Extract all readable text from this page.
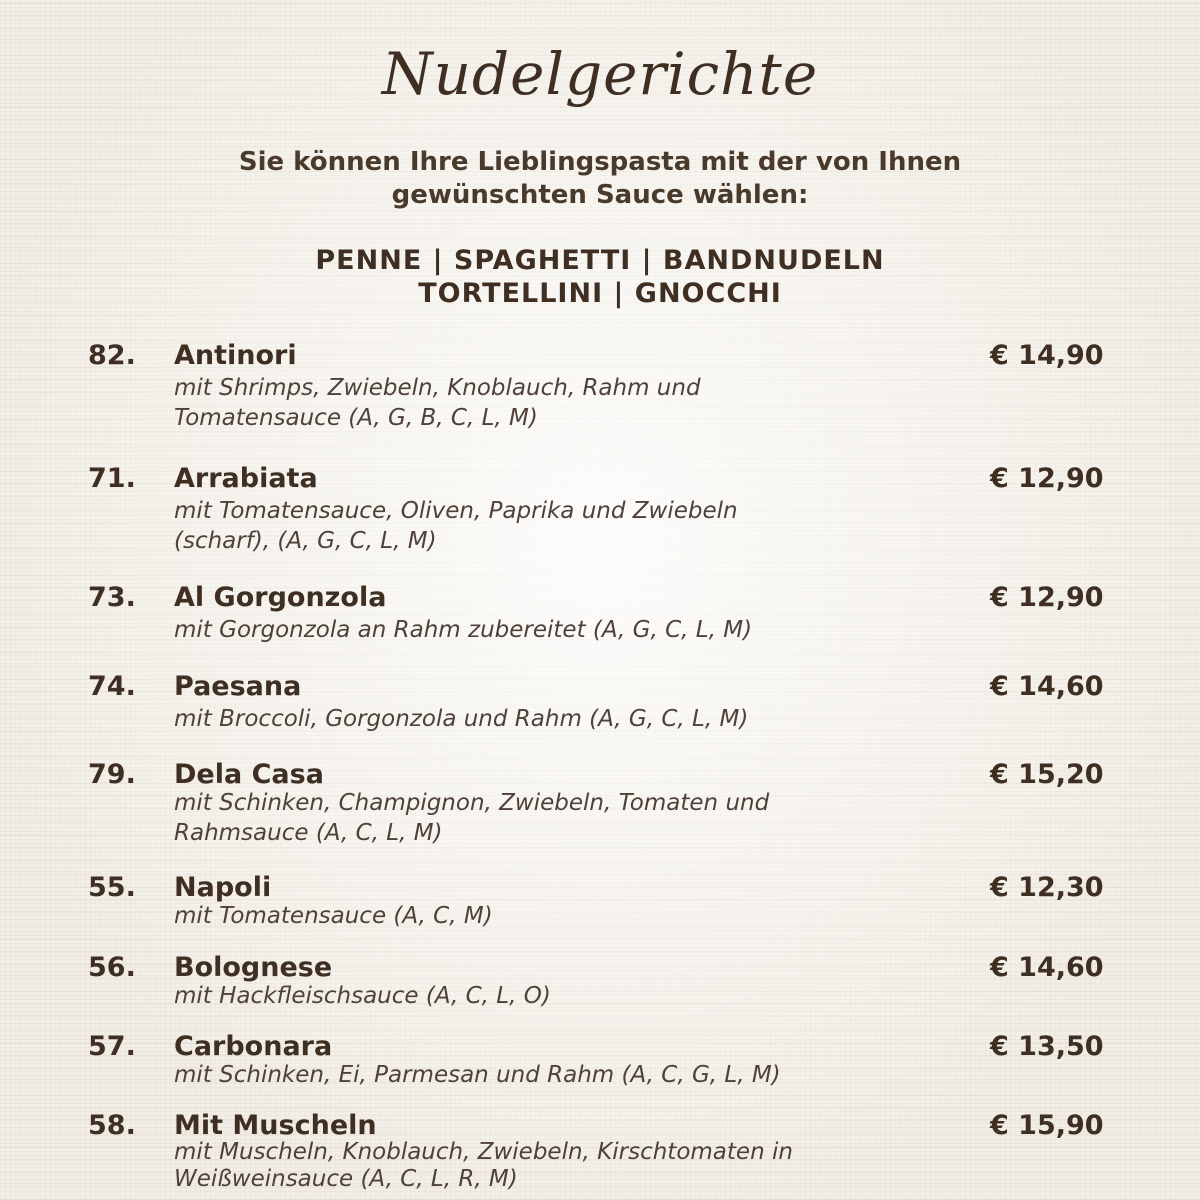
Nudelgerichte
Sie können Ihre Lieblingspasta mit der von Ihnen
gewünschten Sauce wählen:
PENNE | SPAGHETTI | BANDNUDELN
TORTELLINI | GNOCCHI
82. Antinori	€ 14,90
mit Shrimps, Zwiebeln, Knoblauch, Rahm und
Tomatensauce (A, G, B, C, L, M)
71. Arrabiata	€ 12,90
mit Tomatensauce, Oliven, Paprika und Zwiebeln
(scharf), (A, G, C, L, M)
73. Al Gorgonzola	€ 12,90
mit Gorgonzola an Rahm zubereitet (A, G, C, L, M)
74. Paesana	€ 14,60
mit Broccoli, Gorgonzola und Rahm (A, G, C, L, M)
79. Dela Casa	€ 15,20
mit Schinken, Champignon, Zwiebeln, Tomaten und
Rahmsauce (A, C, L, M)
55. Napoli	€ 12,30
mit Tomatensauce (A, C, M)
56. Bolognese	€ 14,60
mit Hackfleischsauce (A, C, L, O)
57. Carbonara	€ 13,50
mit Schinken, Ei, Parmesan und Rahm (A, C, G, L, M)
58. Mit Muscheln	€ 15,90
mit Muscheln, Knoblauch, Zwiebeln, Kirschtomaten in
Weißweinsauce (A, C, L, R, M)
